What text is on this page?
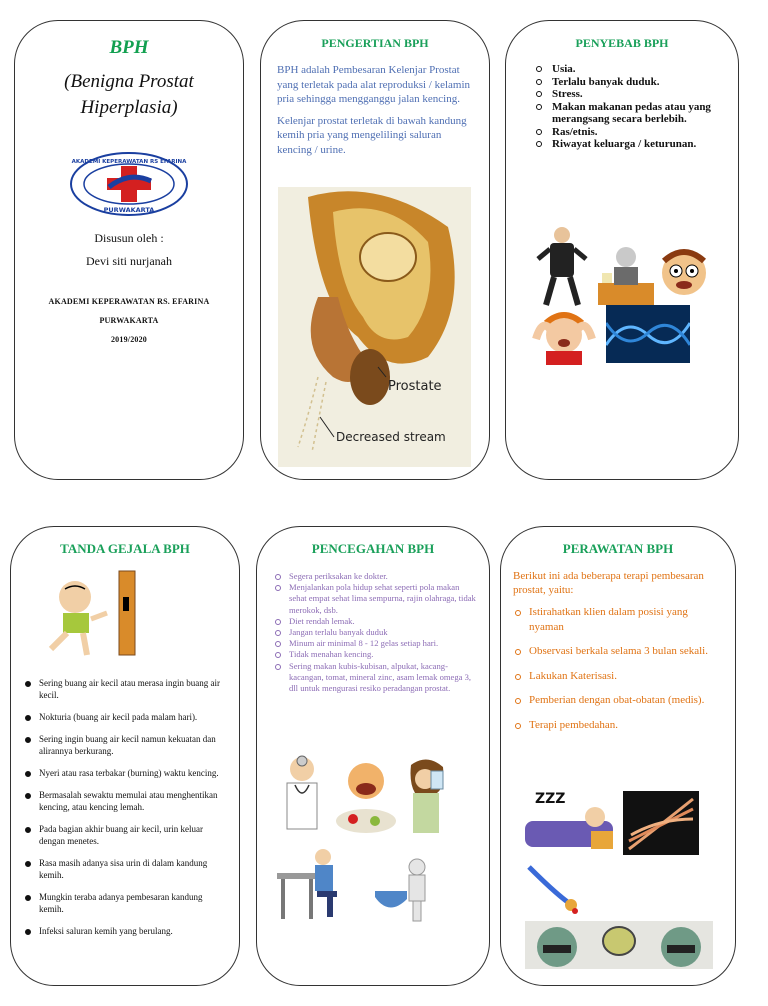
BPH
(Benigna Prostat Hiperplasia)
AKADEMI KEPERAWATAN RS EFARINA
PURWAKARTA
Disusun oleh :
Devi siti nurjanah
AKADEMI KEPERAWATAN RS. EFARINA
PURWAKARTA
2019/2020
PENGERTIAN BPH

BPH adalah Pembesaran Kelenjar Prostat yang terletak pada alat reproduksi / kelamin pria sehingga mengganggu jalan kencing.

Kelenjar prostat terletak di bawah kandung kemih pria yang mengelilingi saluran kencing / urine.

Prostate
Decreased stream
PENYEBAB BPH
Usia.
Terlalu banyak duduk.
Stress.
Makan makanan pedas atau yang merangsang secara berlebih.
Ras/etnis.
Riwayat keluarga / keturunan.
TANDA GEJALA BPH
Sering buang air kecil atau merasa ingin buang air kecil.
Nokturia (buang air kecil pada malam hari).
Sering ingin buang air kecil namun kekuatan dan alirannya berkurang.
Nyeri atau rasa terbakar (burning) waktu kencing.
Bermasalah sewaktu memulai atau menghentikan kencing, atau kencing lemah.
Pada bagian akhir buang air kecil, urin keluar dengan menetes.
Rasa masih adanya sisa urin di dalam kandung kemih.
Mungkin teraba adanya pembesaran kandung kemih.
Infeksi saluran kemih yang berulang.
PENCEGAHAN BPH
Segera periksakan ke dokter.
Menjalankan pola hidup sehat seperti pola makan sehat empat sehat lima sempurna, rajin olahraga, tidak merokok, dsb.
Diet rendah lemak.
Jangan terlalu banyak duduk
Minum air minimal 8 - 12 gelas setiap hari.
Tidak menahan kencing.
Sering makan kubis-kubisan, alpukat, kacang-kacangan, tomat, mineral zinc, asam lemak omega 3, dll untuk mengurasi resiko peradangan prostat.
PERAWATAN BPH
Berikut ini ada beberapa terapi pembesaran prostat, yaitu:
Istirahatkan klien dalam posisi yang nyaman
Observasi berkala selama 3 bulan sekali.
Lakukan Katerisasi.
Pemberian dengan obat-obatan (medis).
Terapi pembedahan.
ZZZ
